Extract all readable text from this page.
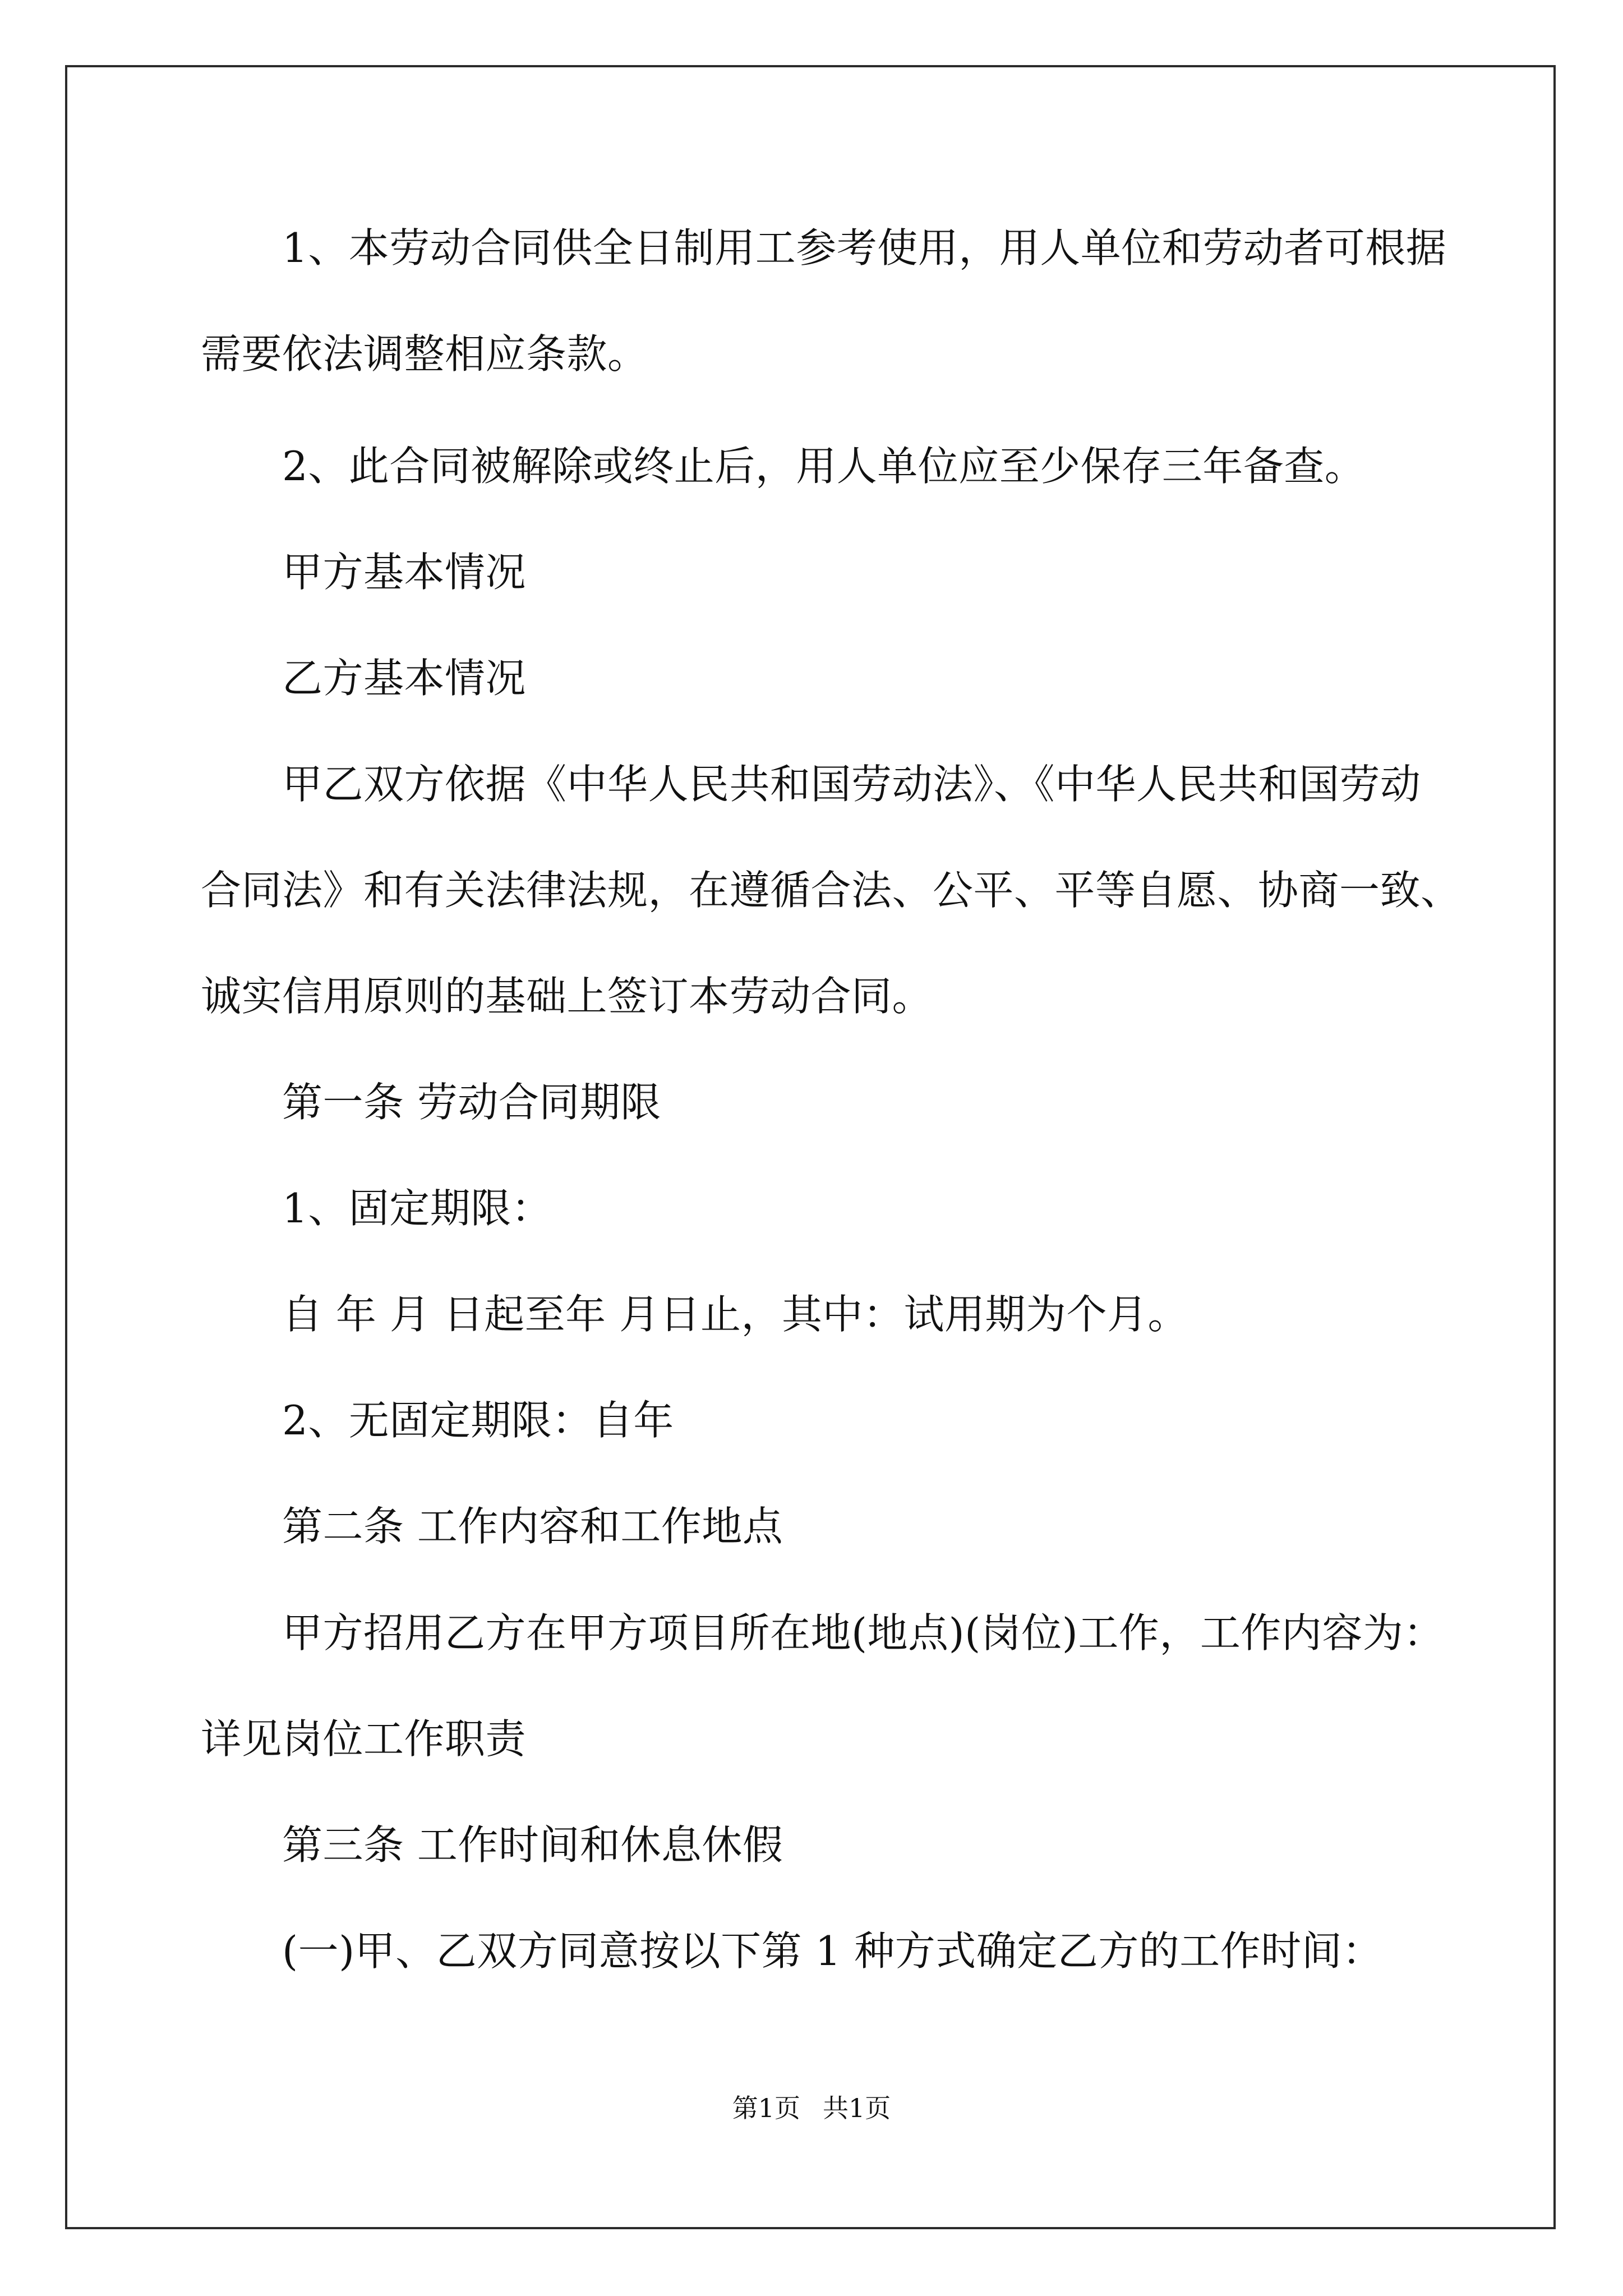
1、本劳动合同供全日制用工参考使用，用人单位和劳动者可根据
需要依法调整相应条款。
2、此合同被解除或终止后，用人单位应至少保存三年备查。
甲方基本情况
乙方基本情况
甲乙双方依据《中华人民共和国劳动法》、《中华人民共和国劳动
合同法》和有关法律法规，在遵循合法、公平、平等自愿、协商一致、
诚实信用原则的基础上签订本劳动合同。
第一条 劳动合同期限
1、固定期限：
自 年 月 日起至年 月日止，其中：试用期为个月。
2、无固定期限：自年
第二条 工作内容和工作地点
甲方招用乙方在甲方项目所在地(地点)(岗位)工作，工作内容为：
详见岗位工作职责
第三条 工作时间和休息休假
(一)甲、乙双方同意按以下第 1 种方式确定乙方的工作时间：
第1页 共1页
